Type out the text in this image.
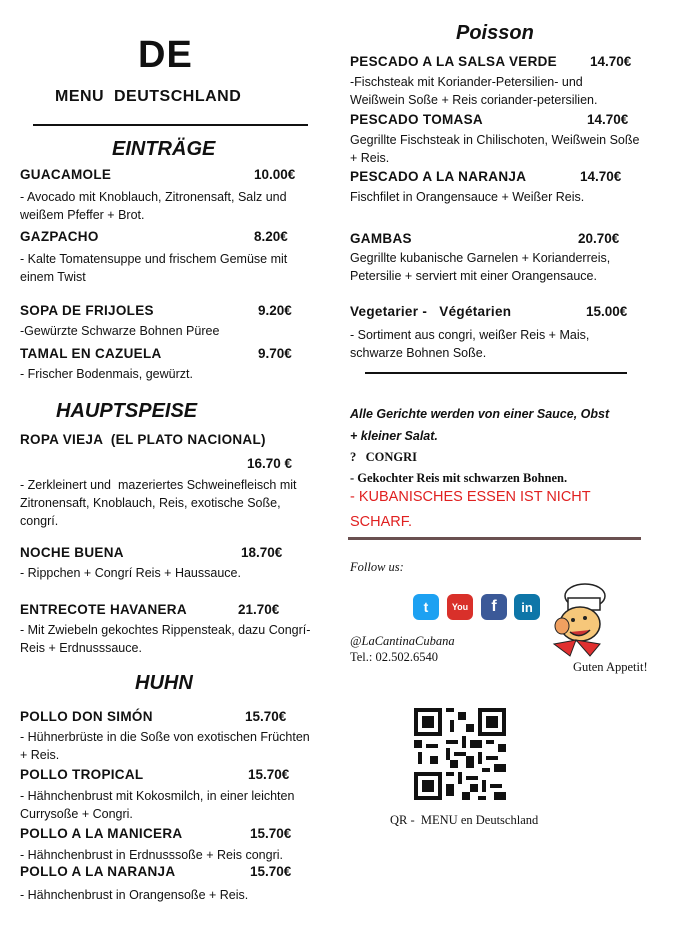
DE
MENU  DEUTSCHLAND
EINTRÄGE
GUACAMOLE	10.00€
- Avocado mit Knoblauch, Zitronensaft, Salz und weißem Pfeffer + Brot.
GAZPACHO	8.20€
- Kalte Tomatensuppe und frischem Gemüse mit einem Twist
SOPA DE FRIJOLES	9.20€
-Gewürzte Schwarze Bohnen Püree
TAMAL EN CAZUELA	9.70€
- Frischer Bodenmais, gewürzt.
HAUPTSPEISE
ROPA VIEJA  (EL PLATO NACIONAL)
16.70 €
- Zerkleinert und  mazeriertes Schweinefleisch mit Zitronensaft, Knoblauch, Reis, exotische Soße, congrí.
NOCHE BUENA	18.70€
- Rippchen + Congrí Reis + Haussauce.
ENTRECOTE HAVANERA	21.70€
- Mit Zwiebeln gekochtes Rippensteak, dazu Congrí-Reis + Erdnusssauce.
HUHN
POLLO DON SIMÓN	15.70€
- Hühnerbrüste in die Soße von exotischen Früchten + Reis.
POLLO TROPICAL	15.70€
- Hähnchenbrust mit Kokosmilch, in einer leichten Currysoße + Congri.
POLLO A LA MANICERA	15.70€
- Hähnchenbrust in Erdnusssoße + Reis congri.
POLLO A LA NARANJA	15.70€
- Hähnchenbrust in Orangensoße + Reis.
Poisson
PESCADO A LA SALSA VERDE 14.70€
-Fischsteak mit Koriander-Petersilien- und Weißwein Soße + Reis coriander-petersilien.
PESCADO TOMASA	14.70€
Gegrillte Fischsteak in Chilischoten, Weißwein Soße + Reis.
PESCADO A LA NARANJA	14.70€
Fischfilet in Orangensauce + Weißer Reis.
GAMBAS	20.70€
Gegrillte kubanische Garnelen + Korianderreis, Petersilie + serviert mit einer Orangensauce.
Vegetarier -   Végétarien	15.00€
- Sortiment aus congri, weißer Reis + Mais, schwarze Bohnen Soße.
Alle Gerichte werden von einer Sauce, Obst
+ kleiner Salat.
?   CONGRI
- Gekochter Reis mit schwarzen Bohnen.
- KUBANISCHES ESSEN IST NICHT
SCHARF.
Follow us:
t	You f in
@LaCantinaCubana
Tel.: 02.502.6540
Guten Appetit!
QR -  MENU en Deutschland
